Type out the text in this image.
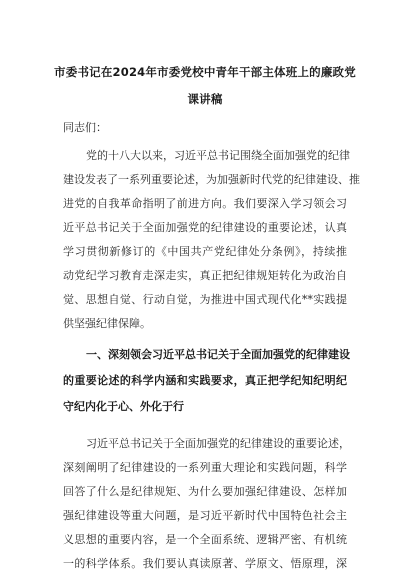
市委书记在2024年市委党校中青年干部主体班上的廉政党
课讲稿
同志们：
党的十八大以来，习近平总书记围绕全面加强党的纪律
建设发表了一系列重要论述，为加强新时代党的纪律建设、推
进党的自我革命指明了前进方向。我们要深入学习领会习
近平总书记关于全面加强党的纪律建设的重要论述，认真
学习贯彻新修订的《中国共产党纪律处分条例》，持续推
动党纪学习教育走深走实，真正把纪律规矩转化为政治自
觉、思想自觉、行动自觉，为推进中国式现代化**实践提
供坚强纪律保障。
一、深刻领会习近平总书记关于全面加强党的纪律建设
的重要论述的科学内涵和实践要求，真正把学纪知纪明纪
守纪内化于心、外化于行
习近平总书记关于全面加强党的纪律建设的重要论述，
深刻阐明了纪律建设的一系列重大理论和实践问题，科学
回答了什么是纪律规矩、为什么要加强纪律建设、怎样加
强纪律建设等重大问题，是习近平新时代中国特色社会主
义思想的重要内容，是一个全面系统、逻辑严密、有机统
一的科学体系。我们要认真读原著、学原文、悟原理，深
